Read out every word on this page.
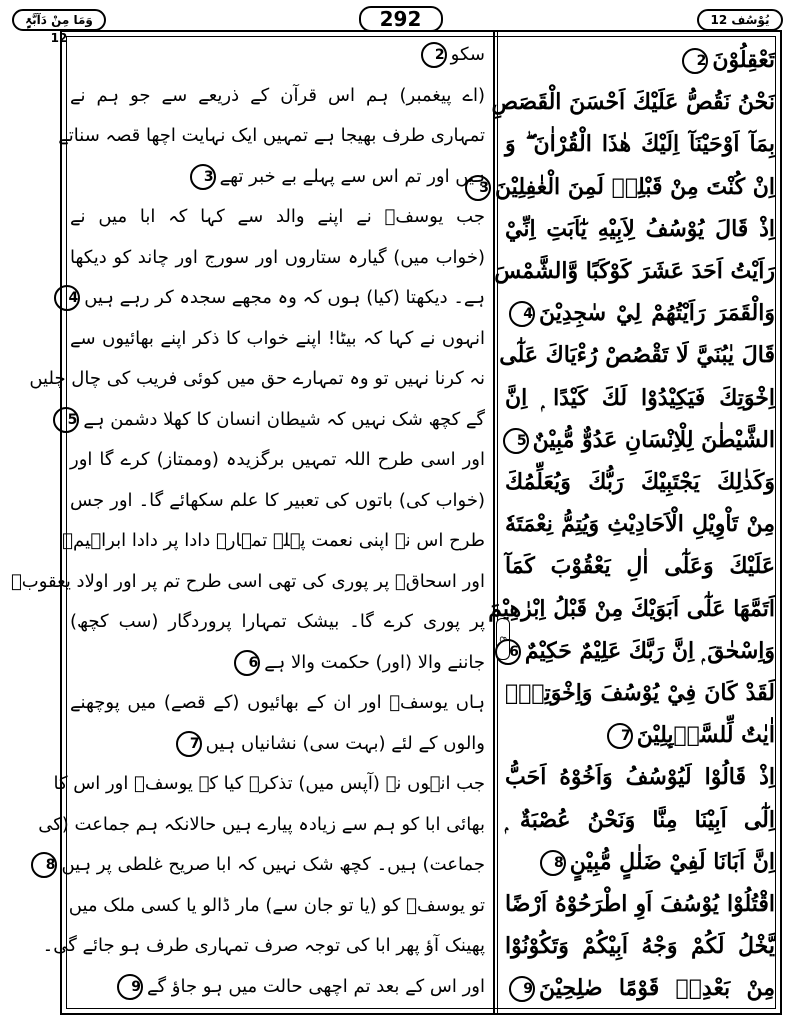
وَمَا مِنْ دَآبَّۃٍ 12
292	یُوْسُف 12
ع
سکو2
(اے پیغمبر) ہم اس قرآن کے ذریعے سے جو ہم نے
تمہاری طرف بھیجا ہے تمہیں ایک نہایت اچھا قصہ سناتے
ہیں اور تم اس سے پہلے بے خبر تھے3
جب یوسفؑ نے اپنے والد سے کہا کہ ابا میں نے
(خواب میں) گیارہ ستاروں اور سورج اور چاند کو دیکھا
ہے۔ دیکھتا (کیا) ہوں کہ وہ مجھے سجدہ کر رہے ہیں4
انہوں نے کہا کہ بیٹا! اپنے خواب کا ذکر اپنے بھائیوں سے
نہ کرنا نہیں تو وہ تمہارے حق میں کوئی فریب کی چال چلیں
گے کچھ شک نہیں کہ شیطان انسان کا کھلا دشمن ہے5
اور اسی طرح اللہ تمہیں برگزیدہ (وممتاز) کرے گا اور
(خواب کی) باتوں کی تعبیر کا علم سکھائے گا۔ اور جس
طرح اس نے اپنی نعمت پہلے تمہارے دادا پر دادا ابراہیمؑ
اور اسحاقؑ پر پوری کی تھی اسی طرح تم پر اور اولاد یعقوبؑ
پر پوری کرے گا۔ بیشک تمہارا پروردگار (سب کچھ)
جاننے والا (اور) حکمت والا ہے6
ہاں یوسفؑ اور ان کے بھائیوں (کے قصے) میں پوچھنے
والوں کے لئے (بہت سی) نشانیاں ہیں7
جب انہوں نے (آپس میں) تذکرہ کیا کہ یوسفؑ اور اس کا
بھائی ابا کو ہم سے زیادہ پیارے ہیں حالانکہ ہم جماعت (کی
جماعت) ہیں۔ کچھ شک نہیں کہ ابا صریح غلطی پر ہیں8
تو یوسفؑ کو (یا تو جان سے) مار ڈالو یا کسی ملک میں
پھینک آؤ پھر ابا کی توجہ صرف تمہاری طرف ہو جائے گی۔
اور اس کے بعد تم اچھی حالت میں ہو جاؤ گے9
تَعْقِلُوْنَ2
نَحْنُ نَقُصُّ عَلَيْكَ اَحْسَنَ الْقَصَصِ
بِمَآ اَوْحَيْنَآ اِلَيْكَ هٰذَا الْقُرْاٰنَ ۖ وَ
اِنْ كُنْتَ مِنْ قَبْلِهٖ لَمِنَ الْغٰفِلِيْنَ3
اِذْ قَالَ يُوْسُفُ لِاَبِيْهِ يٰٓاَبَتِ اِنِّيْ
رَاَيْتُ اَحَدَ عَشَرَ كَوْكَبًا وَّالشَّمْسَ
وَالْقَمَرَ رَاَيْتُهُمْ لِيْ سٰجِدِيْنَ4
قَالَ يٰبُنَيَّ لَا تَقْصُصْ رُءْيَاكَ عَلٰٓى
اِخْوَتِكَ فَيَكِيْدُوْا لَكَ كَيْدًا ۭ اِنَّ
الشَّيْطٰنَ لِلْاِنْسَانِ عَدُوٌّ مُّبِيْنٌ5
وَكَذٰلِكَ يَجْتَبِيْكَ رَبُّكَ وَيُعَلِّمُكَ
مِنْ تَاْوِيْلِ الْاَحَادِيْثِ وَيُتِمُّ نِعْمَتَهٗ
عَلَيْكَ وَعَلٰٓى اٰلِ يَعْقُوْبَ كَمَآ
اَتَمَّهَا عَلٰٓى اَبَوَيْكَ مِنْ قَبْلُ اِبْرٰهِيْمَ
وَاِسْحٰقَ ۭ اِنَّ رَبَّكَ عَلِيْمٌ حَكِيْمٌ6
لَقَدْ كَانَ فِيْ يُوْسُفَ وَاِخْوَتِهٖٓ
اٰيٰتٌ لِّلسَّاۗىِٕلِيْنَ7
اِذْ قَالُوْا لَيُوْسُفُ وَاَخُوْهُ اَحَبُّ
اِلٰٓى اَبِيْنَا مِنَّا وَنَحْنُ عُصْبَةٌ ۭ
اِنَّ اَبَانَا لَفِيْ ضَلٰلٍ مُّبِيْنٍ8
اقْتُلُوْا يُوْسُفَ اَوِ اطْرَحُوْهُ اَرْضًا
يَّخْلُ لَكُمْ وَجْهُ اَبِيْكُمْ وَتَكُوْنُوْا
مِنْ بَعْدِهٖ قَوْمًا صٰلِحِيْنَ9
